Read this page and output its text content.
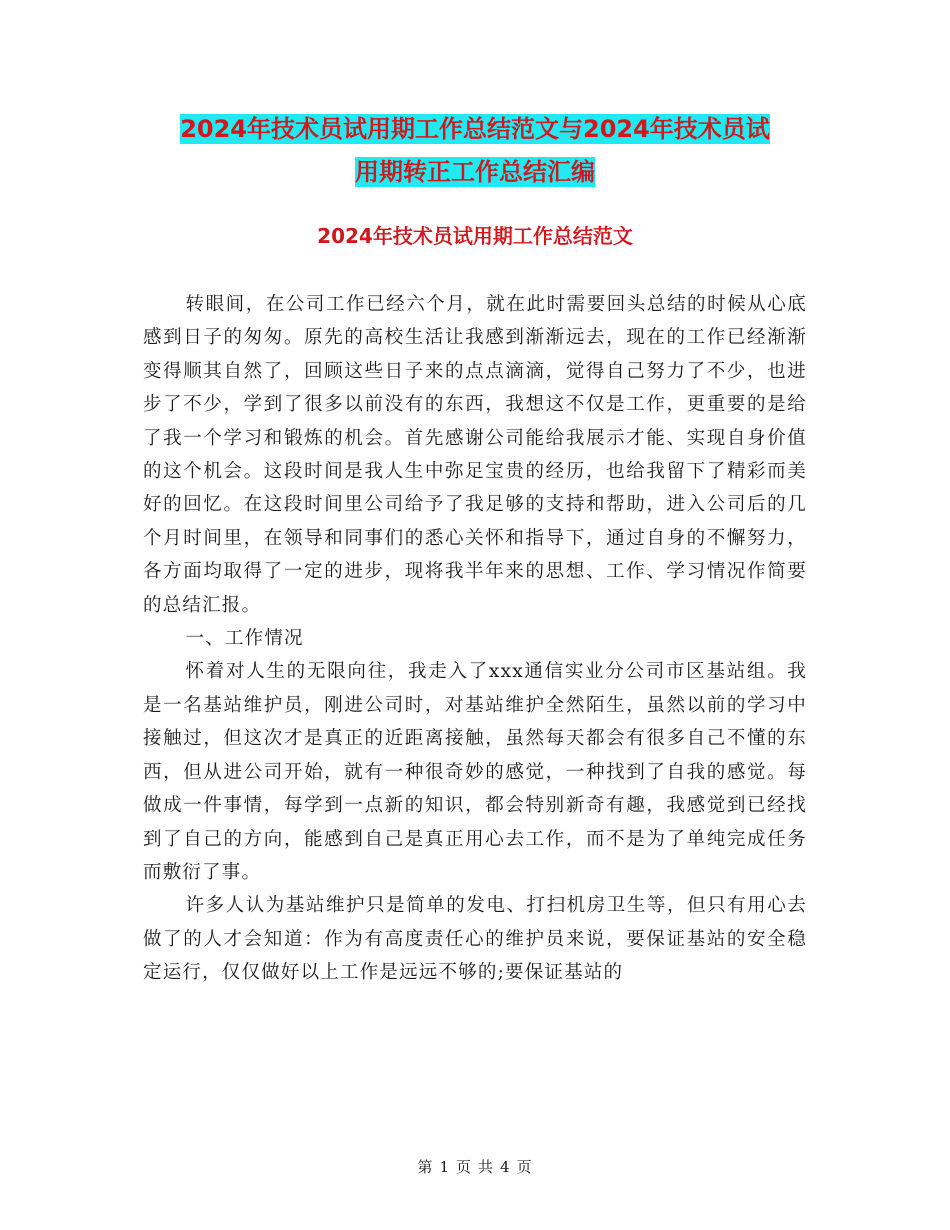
2024年技术员试用期工作总结范文与2024年技术员试
用期转正工作总结汇编
2024年技术员试用期工作总结范文

转眼间，在公司工作已经六个月，就在此时需要回头总结的时候从心底感到日子的匆匆。原先的高校生活让我感到渐渐远去，现在的工作已经渐渐变得顺其自然了，回顾这些日子来的点点滴滴，觉得自己努力了不少，也进步了不少，学到了很多以前没有的东西，我想这不仅是工作，更重要的是给了我一个学习和锻炼的机会。首先感谢公司能给我展示才能、实现自身价值的这个机会。这段时间是我人生中弥足宝贵的经历，也给我留下了精彩而美好的回忆。在这段时间里公司给予了我足够的支持和帮助，进入公司后的几个月时间里，在领导和同事们的悉心关怀和指导下，通过自身的不懈努力，各方面均取得了一定的进步，现将我半年来的思想、工作、学习情况作简要的总结汇报。

一、工作情况

怀着对人生的无限向往，我走入了xxx通信实业分公司市区基站组。我是一名基站维护员，刚进公司时，对基站维护全然陌生，虽然以前的学习中接触过，但这次才是真正的近距离接触，虽然每天都会有很多自己不懂的东西，但从进公司开始，就有一种很奇妙的感觉，一种找到了自我的感觉。每做成一件事情，每学到一点新的知识，都会特别新奇有趣，我感觉到已经找到了自己的方向，能感到自己是真正用心去工作，而不是为了单纯完成任务而敷衍了事。

许多人认为基站维护只是简单的发电、打扫机房卫生等，但只有用心去做了的人才会知道：作为有高度责任心的维护员来说，要保证基站的安全稳定运行，仅仅做好以上工作是远远不够的;要保证基站的

第 1 页 共 4 页
